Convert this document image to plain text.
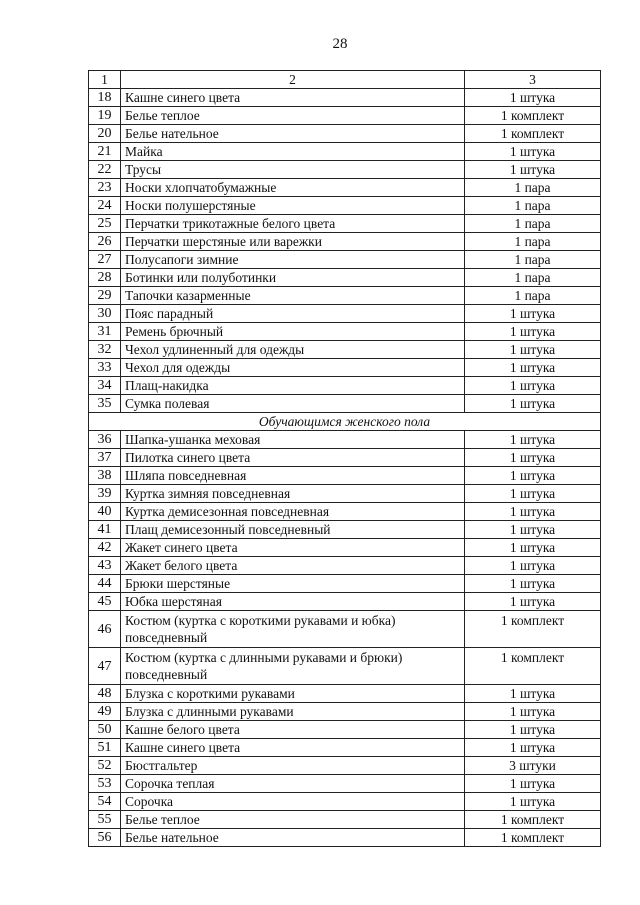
28
1	2	3
18	Кашне синего цвета	1 штука
19	Белье теплое	1 комплект
20	Белье нательное	1 комплект
21	Майка	1 штука
22	Трусы	1 штука
23	Носки хлопчатобумажные	1 пара
24	Носки полушерстяные	1 пара
25	Перчатки трикотажные белого цвета	1 пара
26	Перчатки шерстяные или варежки	1 пара
27	Полусапоги зимние	1 пара
28	Ботинки или полуботинки	1 пара
29	Тапочки казарменные	1 пара
30	Пояс парадный	1 штука
31	Ремень брючный	1 штука
32	Чехол удлиненный для одежды	1 штука
33	Чехол для одежды	1 штука
34	Плащ-накидка	1 штука
35	Сумка полевая	1 штука
Обучающимся женского пола		
36	Шапка-ушанка меховая	1 штука
37	Пилотка синего цвета	1 штука
38	Шляпа повседневная	1 штука
39	Куртка зимняя повседневная	1 штука
40	Куртка демисезонная повседневная	1 штука
41	Плащ демисезонный повседневный	1 штука
42	Жакет синего цвета	1 штука
43	Жакет белого цвета	1 штука
44	Брюки шерстяные	1 штука
45	Юбка шерстяная	1 штука
46	Костюм (куртка с короткими рукавами и юбка) повседневный	1 комплект
47	Костюм (куртка с длинными рукавами и брюки) повседневный	1 комплект
48	Блузка с короткими рукавами	1 штука
49	Блузка с длинными рукавами	1 штука
50	Кашне белого цвета	1 штука
51	Кашне синего цвета	1 штука
52	Бюстгальтер	3 штуки
53	Сорочка теплая	1 штука
54	Сорочка	1 штука
55	Белье теплое	1 комплект
56	Белье нательное	1 комплект
